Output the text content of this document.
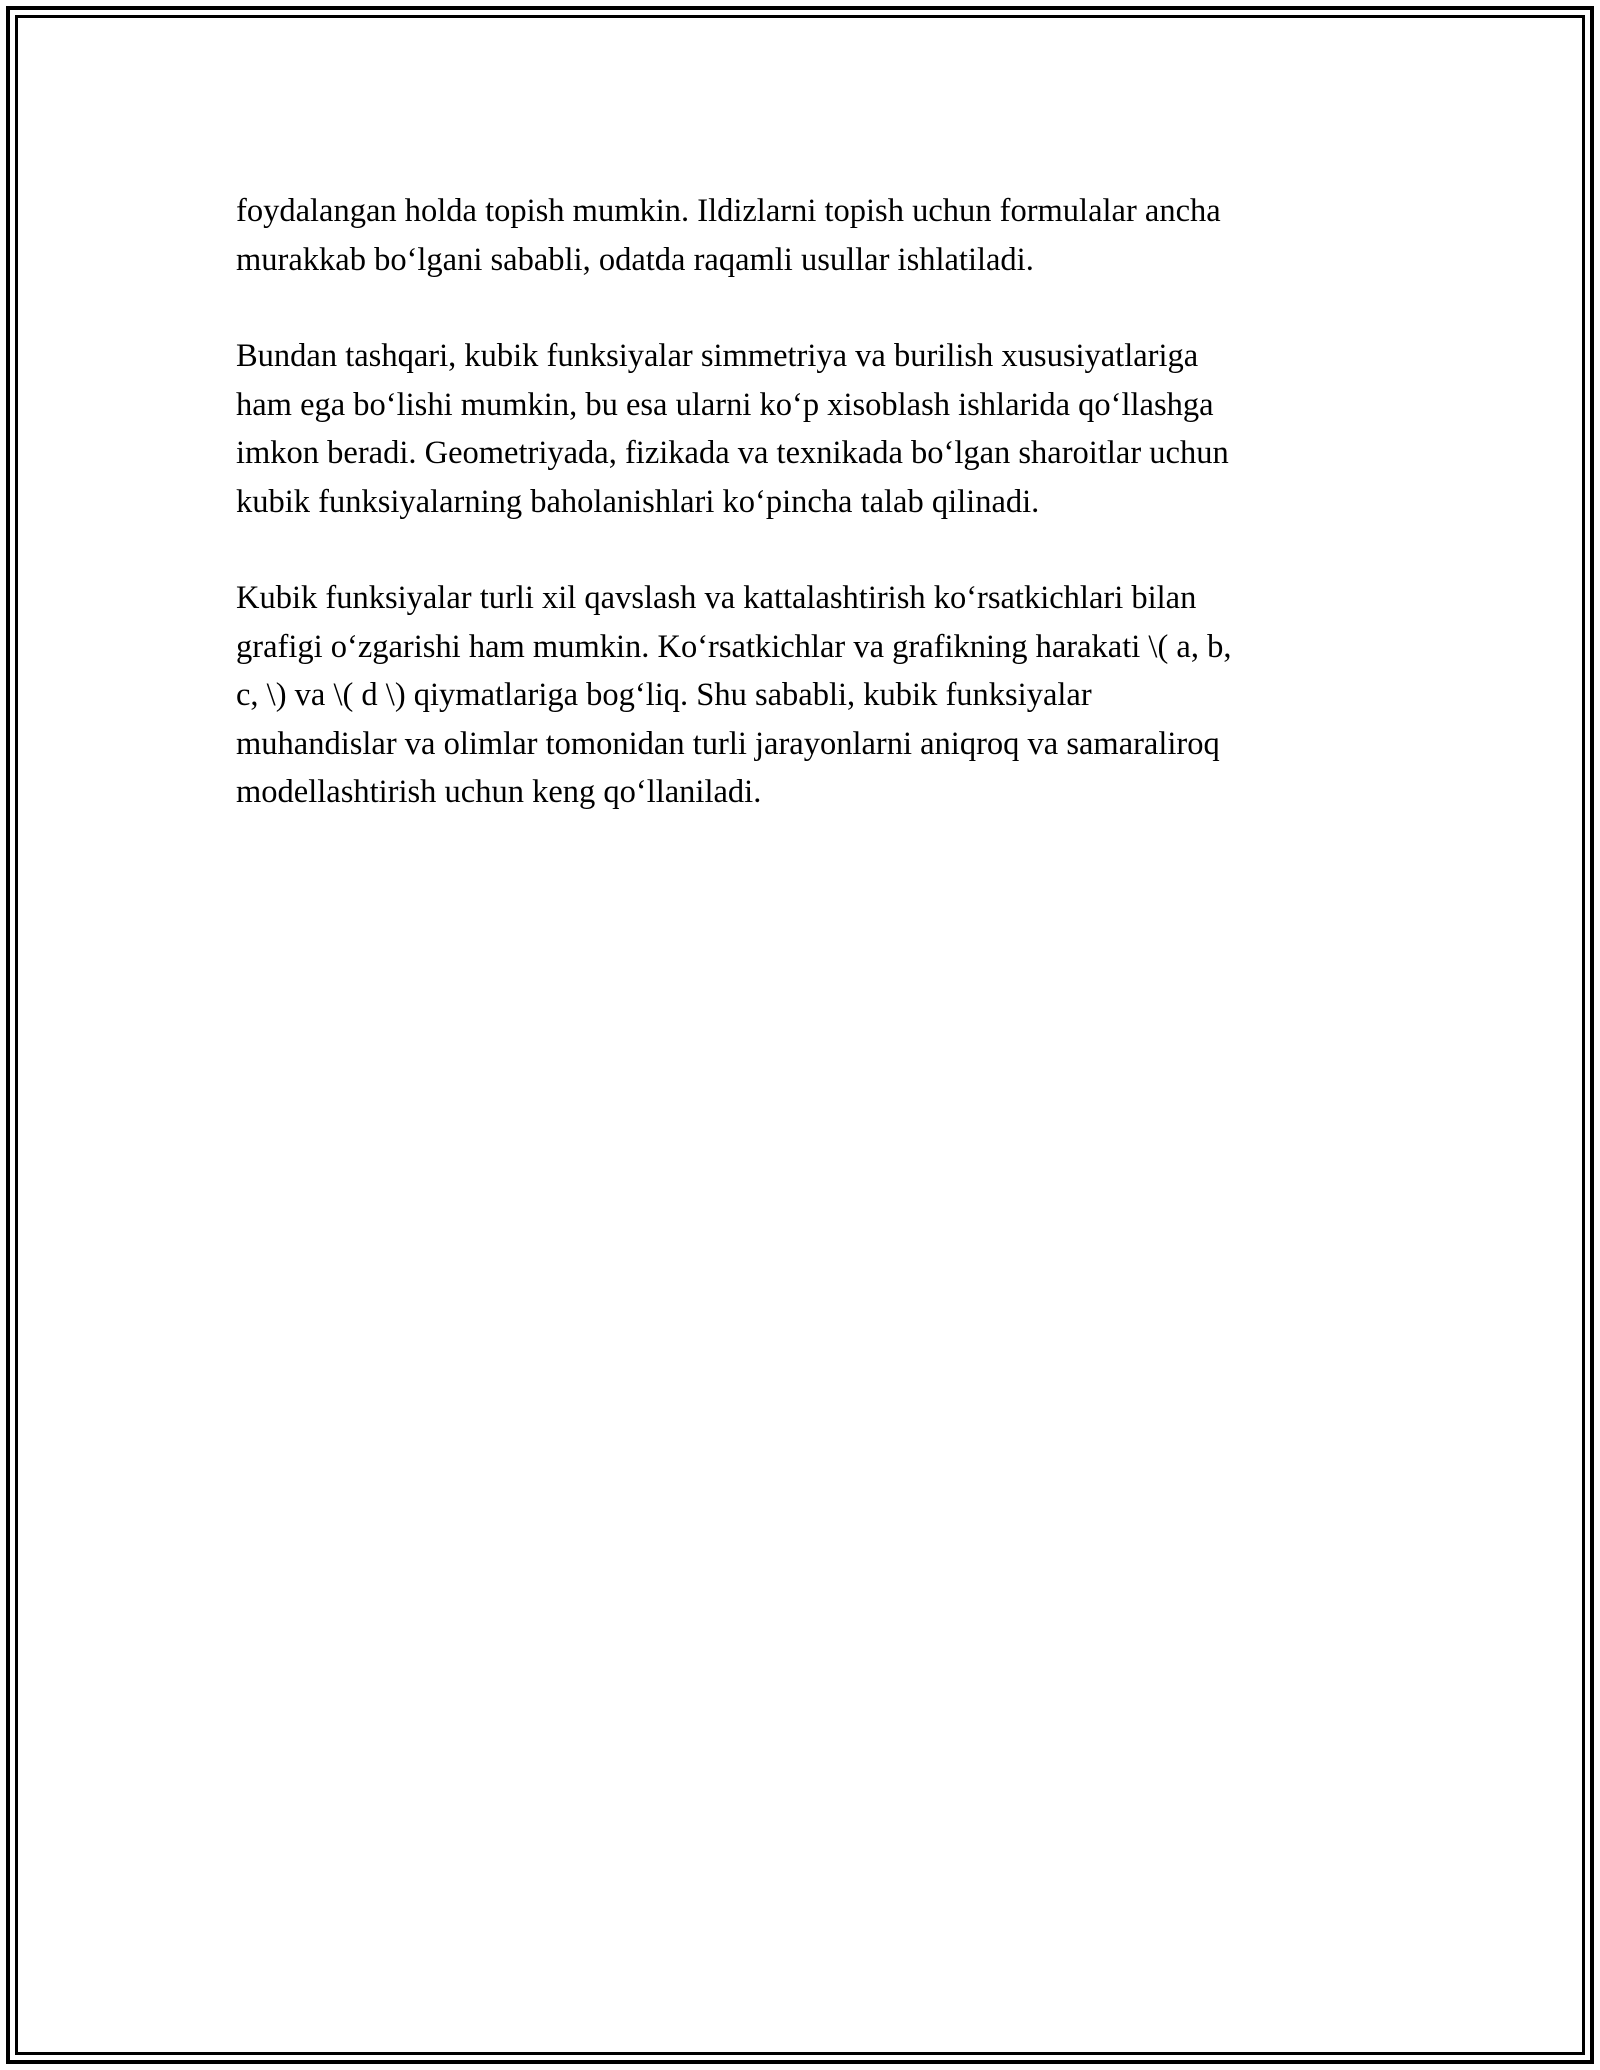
foydalangan holda topish mumkin. Ildizlarni topish uchun formulalar ancha
murakkab bo‘lgani sababli, odatda raqamli usullar ishlatiladi.

Bundan tashqari, kubik funksiyalar simmetriya va burilish xususiyatlariga
ham ega bo‘lishi mumkin, bu esa ularni ko‘p xisoblash ishlarida qo‘llashga
imkon beradi. Geometriyada, fizikada va texnikada bo‘lgan sharoitlar uchun
kubik funksiyalarning baholanishlari ko‘pincha talab qilinadi.

Kubik funksiyalar turli xil qavslash va kattalashtirish ko‘rsatkichlari bilan
grafigi o‘zgarishi ham mumkin. Ko‘rsatkichlar va grafikning harakati \( a, b,
c, \) va \( d \) qiymatlariga bog‘liq. Shu sababli, kubik funksiyalar
muhandislar va olimlar tomonidan turli jarayonlarni aniqroq va samaraliroq
modellashtirish uchun keng qo‘llaniladi.
